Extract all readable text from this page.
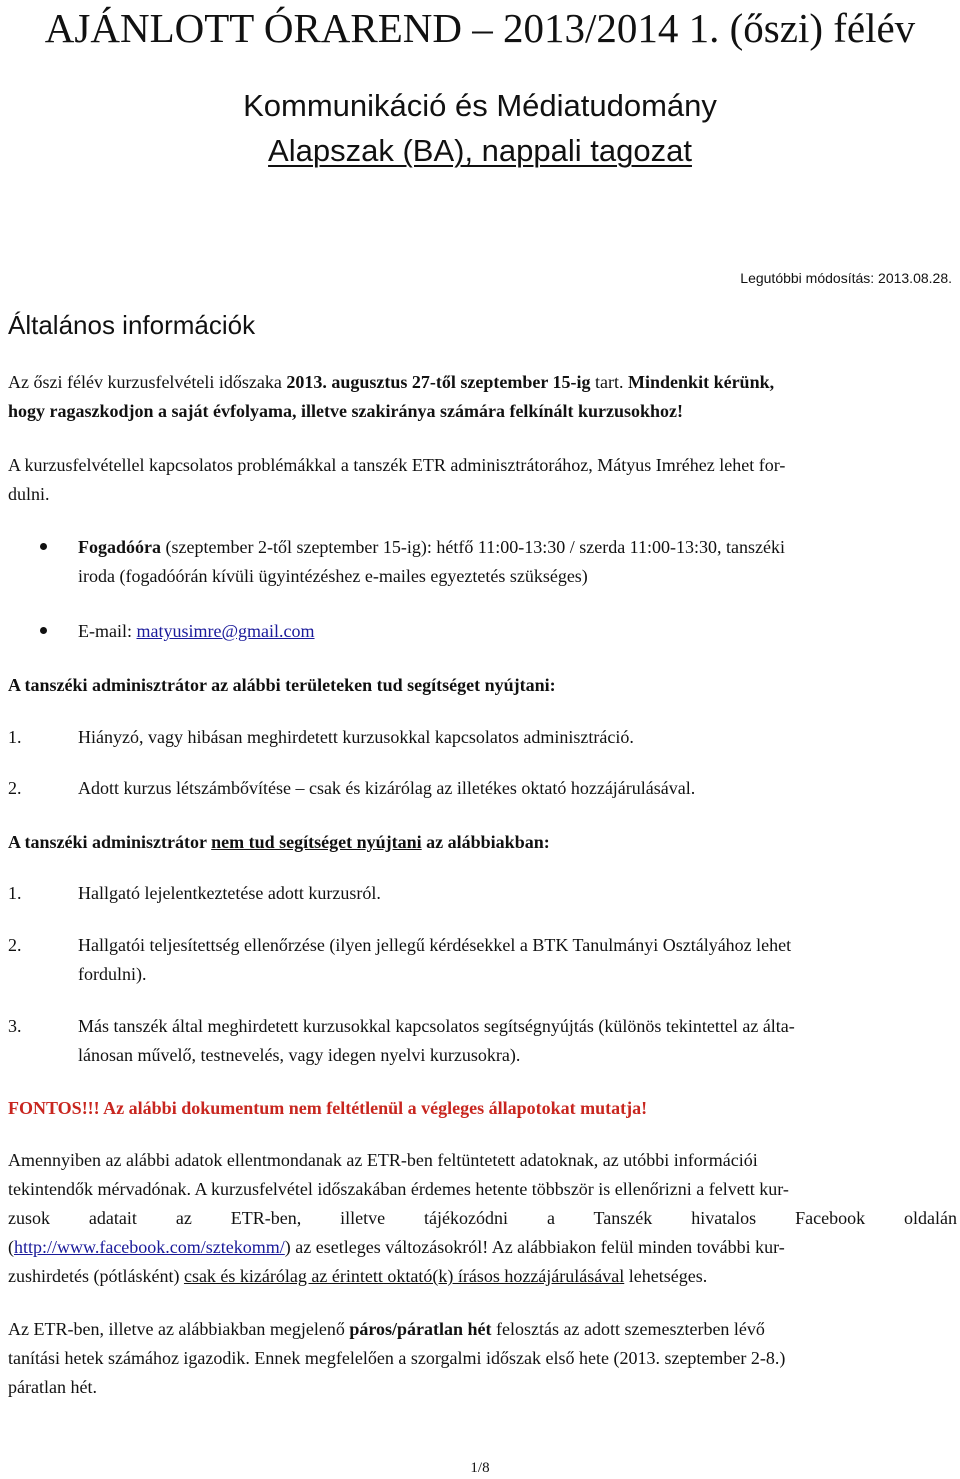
AJÁNLOTT ÓRAREND – 2013/2014 1. (őszi) félév
Kommunikáció és Médiatudomány
Alapszak (BA), nappali tagozat
Legutóbbi módosítás: 2013.08.28.
Általános információk

Az őszi félév kurzusfelvételi időszaka 2013. augusztus 27-től szeptember 15-ig tart. Mindenkit kérünk,

hogy ragaszkodjon a saját évfolyama, illetve szakiránya számára felkínált kurzusokhoz!

A kurzusfelvétellel kapcsolatos problémákkal a tanszék ETR adminisztrátorához, Mátyus Imréhez lehet for-

dulni.

Fogadóóra (szeptember 2-től szeptember 15-ig): hétfő 11:00-13:30 / szerda 11:00-13:30, tanszéki

iroda (fogadóórán kívüli ügyintézéshez e-mailes egyeztetés szükséges)

E-mail: matyusimre@gmail.com

A tanszéki adminisztrátor az alábbi területeken tud segítséget nyújtani:

1.	Hiányzó, vagy hibásan meghirdetett kurzusokkal kapcsolatos adminisztráció.

2.	Adott kurzus létszámbővítése – csak és kizárólag az illetékes oktató hozzájárulásával.

A tanszéki adminisztrátor nem tud segítséget nyújtani az alábbiakban:

1.	Hallgató lejelentkeztetése adott kurzusról.

2.	Hallgatói teljesítettség ellenőrzése (ilyen jellegű kérdésekkel a BTK Tanulmányi Osztályához lehet

fordulni).

3.	Más tanszék által meghirdetett kurzusokkal kapcsolatos segítségnyújtás (különös tekintettel az álta-

lánosan művelő, testnevelés, vagy idegen nyelvi kurzusokra).

FONTOS!!! Az alábbi dokumentum nem feltétlenül a végleges állapotokat mutatja!

Amennyiben az alábbi adatok ellentmondanak az ETR-ben feltüntetett adatoknak, az utóbbi információi

tekintendők mérvadónak. A kurzusfelvétel időszakában érdemes hetente többször is ellenőrizni a felvett kur-

zusok adatait az ETR-ben, illetve tájékozódni a Tanszék hivatalos Facebook oldalán

(http://www.facebook.com/sztekomm/) az esetleges változásokról! Az alábbiakon felül minden további kur-

zushirdetés (pótlásként) csak és kizárólag az érintett oktató(k) írásos hozzájárulásával lehetséges.

Az ETR-ben, illetve az alábbiakban megjelenő páros/páratlan hét felosztás az adott szemeszterben lévő

tanítási hetek számához igazodik. Ennek megfelelően a szorgalmi időszak első hete (2013. szeptember 2-8.)

páratlan hét.

1/8
